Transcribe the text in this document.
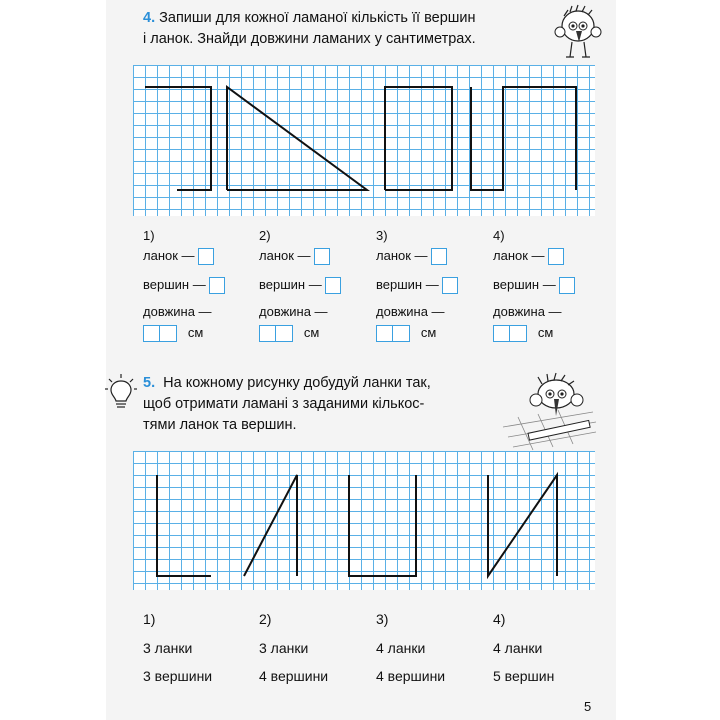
4. Запиши для кожної ламаної кількість її вершин
і ланок. Знайди довжини ламаних у сантиметрах.
1)
ланок —
вершин —
довжина —
см
2)
ланок —
вершин —
довжина —
см
3)
ланок —
вершин —
довжина —
см
4)
ланок —
вершин —
довжина —
см
5. На кожному рисунку добудуй ланки так,
щоб отримати ламані з заданими кількос-
тями ланок та вершин.
1)
3 ланки
3 вершини
2)
3 ланки
4 вершини
3)
4 ланки
4 вершини
4)
4 ланки
5 вершин
5
